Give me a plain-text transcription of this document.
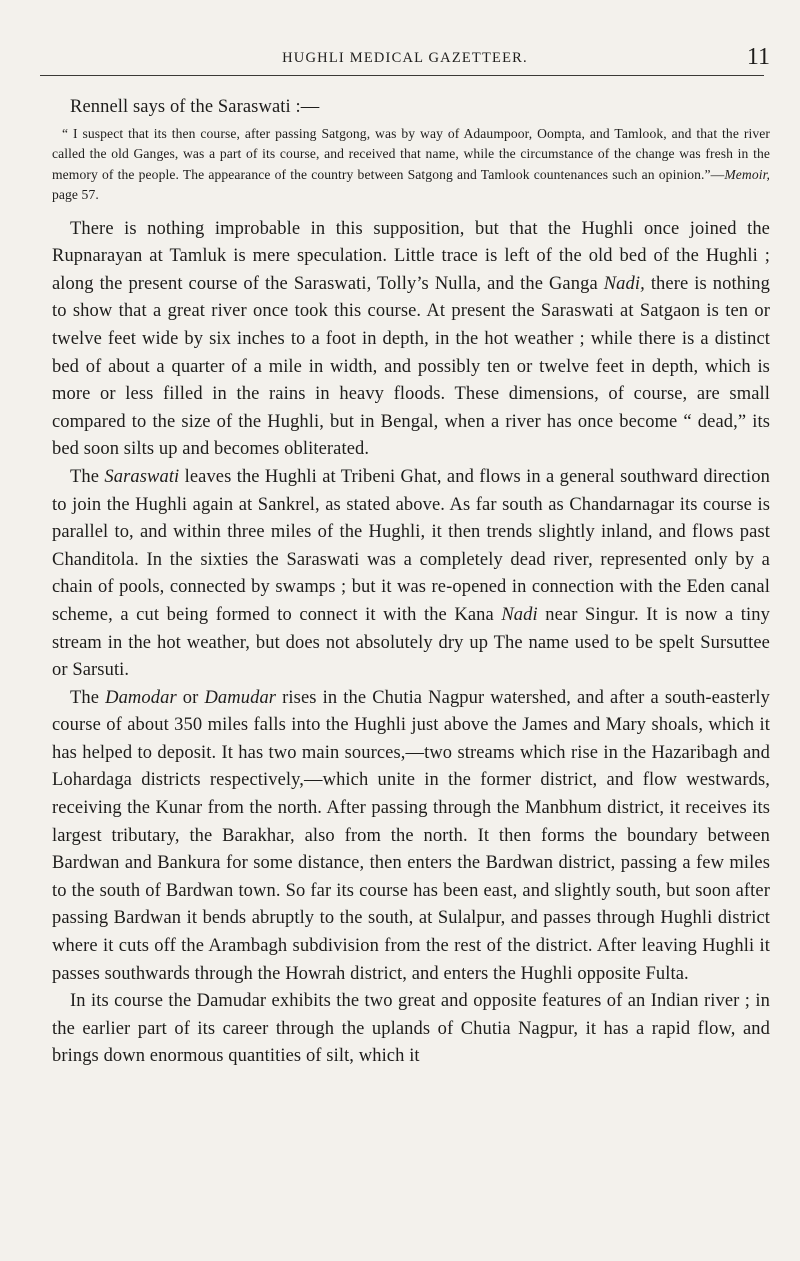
HUGHLI MEDICAL GAZETTEER.	11

Rennell says of the Saraswati :—

“ I suspect that its then course, after passing Satgong, was by way of Adaumpoor, Oompta, and Tamlook, and that the river called the old Ganges, was a part of its course, and received that name, while the circumstance of the change was fresh in the memory of the people. The appearance of the country between Satgong and Tamlook countenances such an opinion.”—Memoir, page 57.

There is nothing improbable in this supposition, but that the Hughli once joined the Rupnarayan at Tamluk is mere speculation. Little trace is left of the old bed of the Hughli ; along the present course of the Saraswati, Tolly’s Nulla, and the Ganga Nadi, there is nothing to show that a great river once took this course. At present the Saraswati at Satgaon is ten or twelve feet wide by six inches to a foot in depth, in the hot weather ; while there is a distinct bed of about a quarter of a mile in width, and possibly ten or twelve feet in depth, which is more or less filled in the rains in heavy floods. These dimensions, of course, are small compared to the size of the Hughli, but in Bengal, when a river has once become “ dead,” its bed soon silts up and becomes obliterated.

The Saraswati leaves the Hughli at Tribeni Ghat, and flows in a general southward direction to join the Hughli again at Sankrel, as stated above. As far south as Chandarnagar its course is parallel to, and within three miles of the Hughli, it then trends slightly inland, and flows past Chanditola. In the sixties the Saraswati was a completely dead river, represented only by a chain of pools, connected by swamps ; but it was re-opened in connection with the Eden canal scheme, a cut being formed to connect it with the Kana Nadi near Singur. It is now a tiny stream in the hot weather, but does not absolutely dry up The name used to be spelt Sursuttee or Sarsuti.

The Damodar or Damudar rises in the Chutia Nagpur watershed, and after a south-easterly course of about 350 miles falls into the Hughli just above the James and Mary shoals, which it has helped to deposit. It has two main sources,—two streams which rise in the Hazaribagh and Lohardaga districts respectively,—which unite in the former district, and flow westwards, receiving the Kunar from the north. After passing through the Manbhum district, it receives its largest tributary, the Barakhar, also from the north. It then forms the boundary between Bardwan and Bankura for some distance, then enters the Bardwan district, passing a few miles to the south of Bardwan town. So far its course has been east, and slightly south, but soon after passing Bardwan it bends abruptly to the south, at Sulalpur, and passes through Hughli district where it cuts off the Arambagh subdivision from the rest of the district. After leaving Hughli it passes southwards through the Howrah district, and enters the Hughli opposite Fulta.

In its course the Damudar exhibits the two great and opposite features of an Indian river ; in the earlier part of its career through the uplands of Chutia Nagpur, it has a rapid flow, and brings down enormous quantities of silt, which it
